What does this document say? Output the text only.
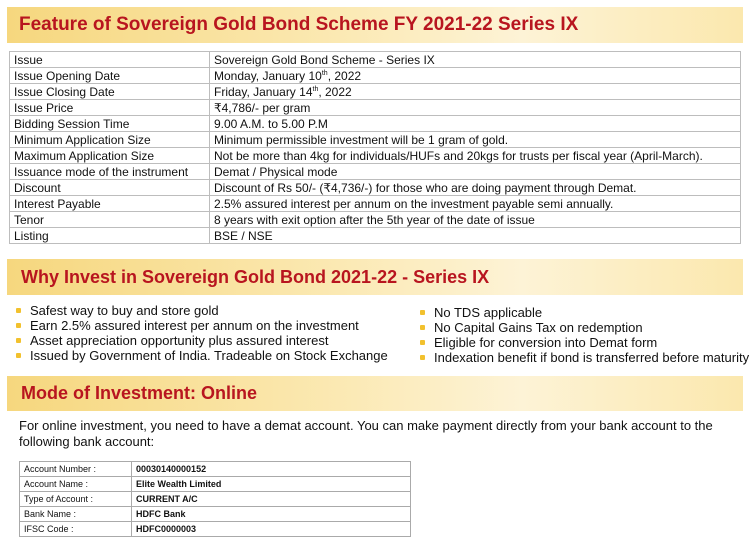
Feature of Sovereign Gold Bond Scheme FY 2021-22 Series IX
Issue	Sovereign Gold Bond Scheme - Series IX
Issue Opening Date	Monday, January 10th, 2022
Issue Closing Date	Friday, January 14th, 2022
Issue Price	₹4,786/- per gram
Bidding Session Time	9.00 A.M. to 5.00 P.M
Minimum Application Size	Minimum permissible investment will be 1 gram of gold.
Maximum Application Size	Not be more than 4kg for individuals/HUFs and 20kgs for trusts per fiscal year (April-March).
Issuance mode of the instrument	Demat / Physical mode
Discount	Discount of Rs 50/- (₹4,736/-) for those who are doing payment through Demat.
Interest Payable	2.5% assured interest per annum on the investment payable semi annually.
Tenor	8 years with exit option after the 5th year of the date of issue
Listing	BSE / NSE
Why Invest in Sovereign Gold Bond 2021-22 - Series IX
Safest way to buy and store gold
Earn 2.5% assured interest per annum on the investment
Asset appreciation opportunity plus assured interest
Issued by Government of India. Tradeable on Stock Exchange
No TDS applicable
No Capital Gains Tax on redemption
Eligible for conversion into Demat form
Indexation benefit if bond is transferred before maturity
Mode of Investment: Online

For online investment, you need to have a demat account. You can make payment directly from your bank account to the following bank account:

Account Number :	00030140000152
Account Name :	Elite Wealth Limited
Type of Account :	CURRENT A/C
Bank Name :	HDFC Bank
IFSC Code :	HDFC0000003
